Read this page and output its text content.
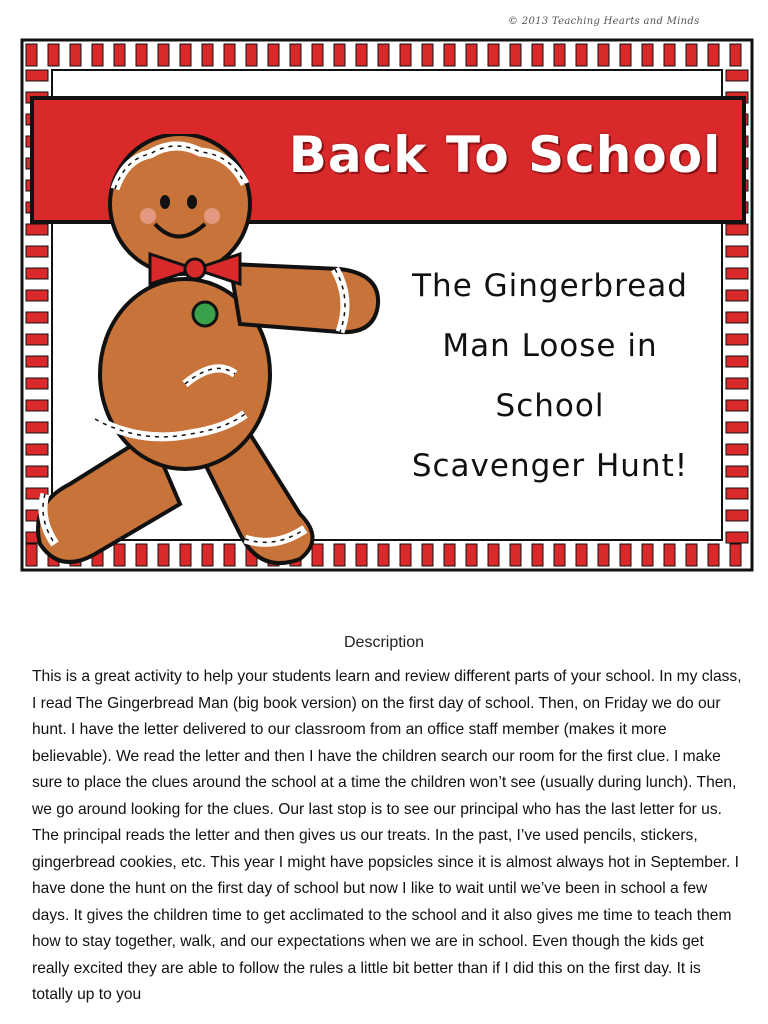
© 2013 Teaching Hearts and Minds
Back To School
The Gingerbread
Man Loose in
School
Scavenger Hunt!
Description
This is a great activity to help your students learn and review different parts of your school. In my class, I read The Gingerbread Man (big book version) on the first day of school. Then, on Friday we do our hunt. I have the letter delivered to our classroom from an office staff member (makes it more believable). We read the letter and then I have the children search our room for the first clue. I make sure to place the clues around the school at a time the children won’t see (usually during lunch). Then, we go around looking for the clues. Our last stop is to see our principal who has the last letter for us. The principal reads the letter and then gives us our treats. In the past, I’ve used pencils, stickers, gingerbread cookies, etc. This year I might have popsicles since it is almost always hot in September. I have done the hunt on the first day of school but now I like to wait until we’ve been in school a few days. It gives the children time to get acclimated to the school and it also gives me time to teach them how to stay together, walk, and our expectations when we are in school. Even though the kids get really excited they are able to follow the rules a little bit better than if I did this on the first day. It is totally up to you
